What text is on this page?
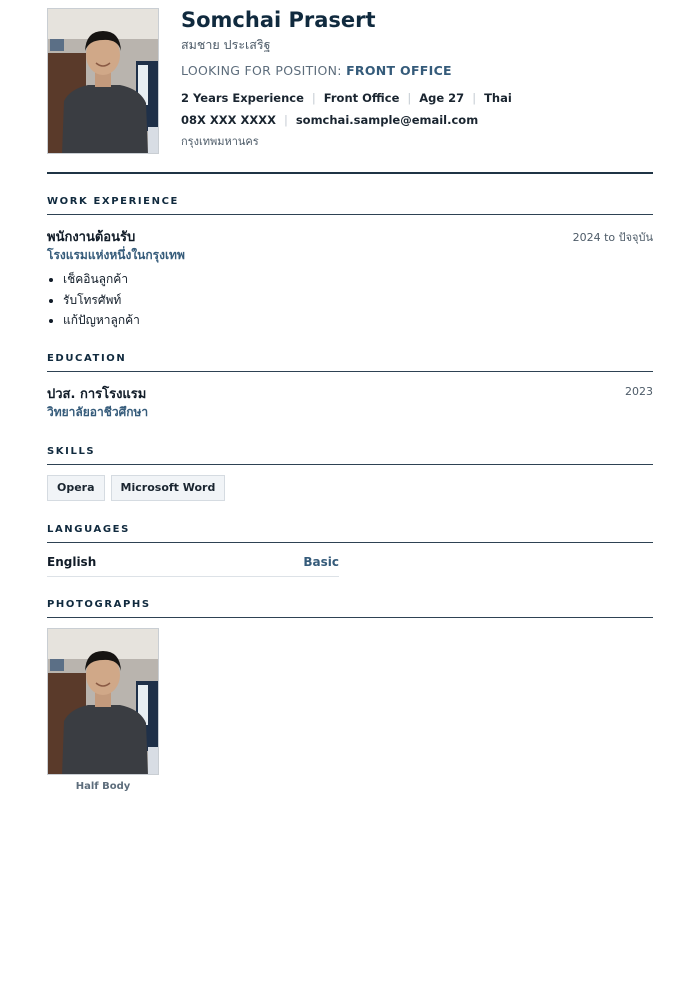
Somchai Prasert
สมชาย ประเสริฐ
LOOKING FOR POSITION: FRONT OFFICE
2 Years Experience | Front Office | Age 27 | Thai
08X XXX XXXX | somchai.sample@email.com
กรุงเทพมหานคร
WORK EXPERIENCE
พนักงานต้อนรับ	2024 to ปัจจุบัน
โรงแรมแห่งหนึ่งในกรุงเทพ
• เช็คอินลูกค้า
• รับโทรศัพท์
• แก้ปัญหาลูกค้า
EDUCATION
ปวส. การโรงแรม	2023
วิทยาลัยอาชีวศึกษา
SKILLS
Opera	Microsoft Word
LANGUAGES
English	Basic
PHOTOGRAPHS
Half Body
